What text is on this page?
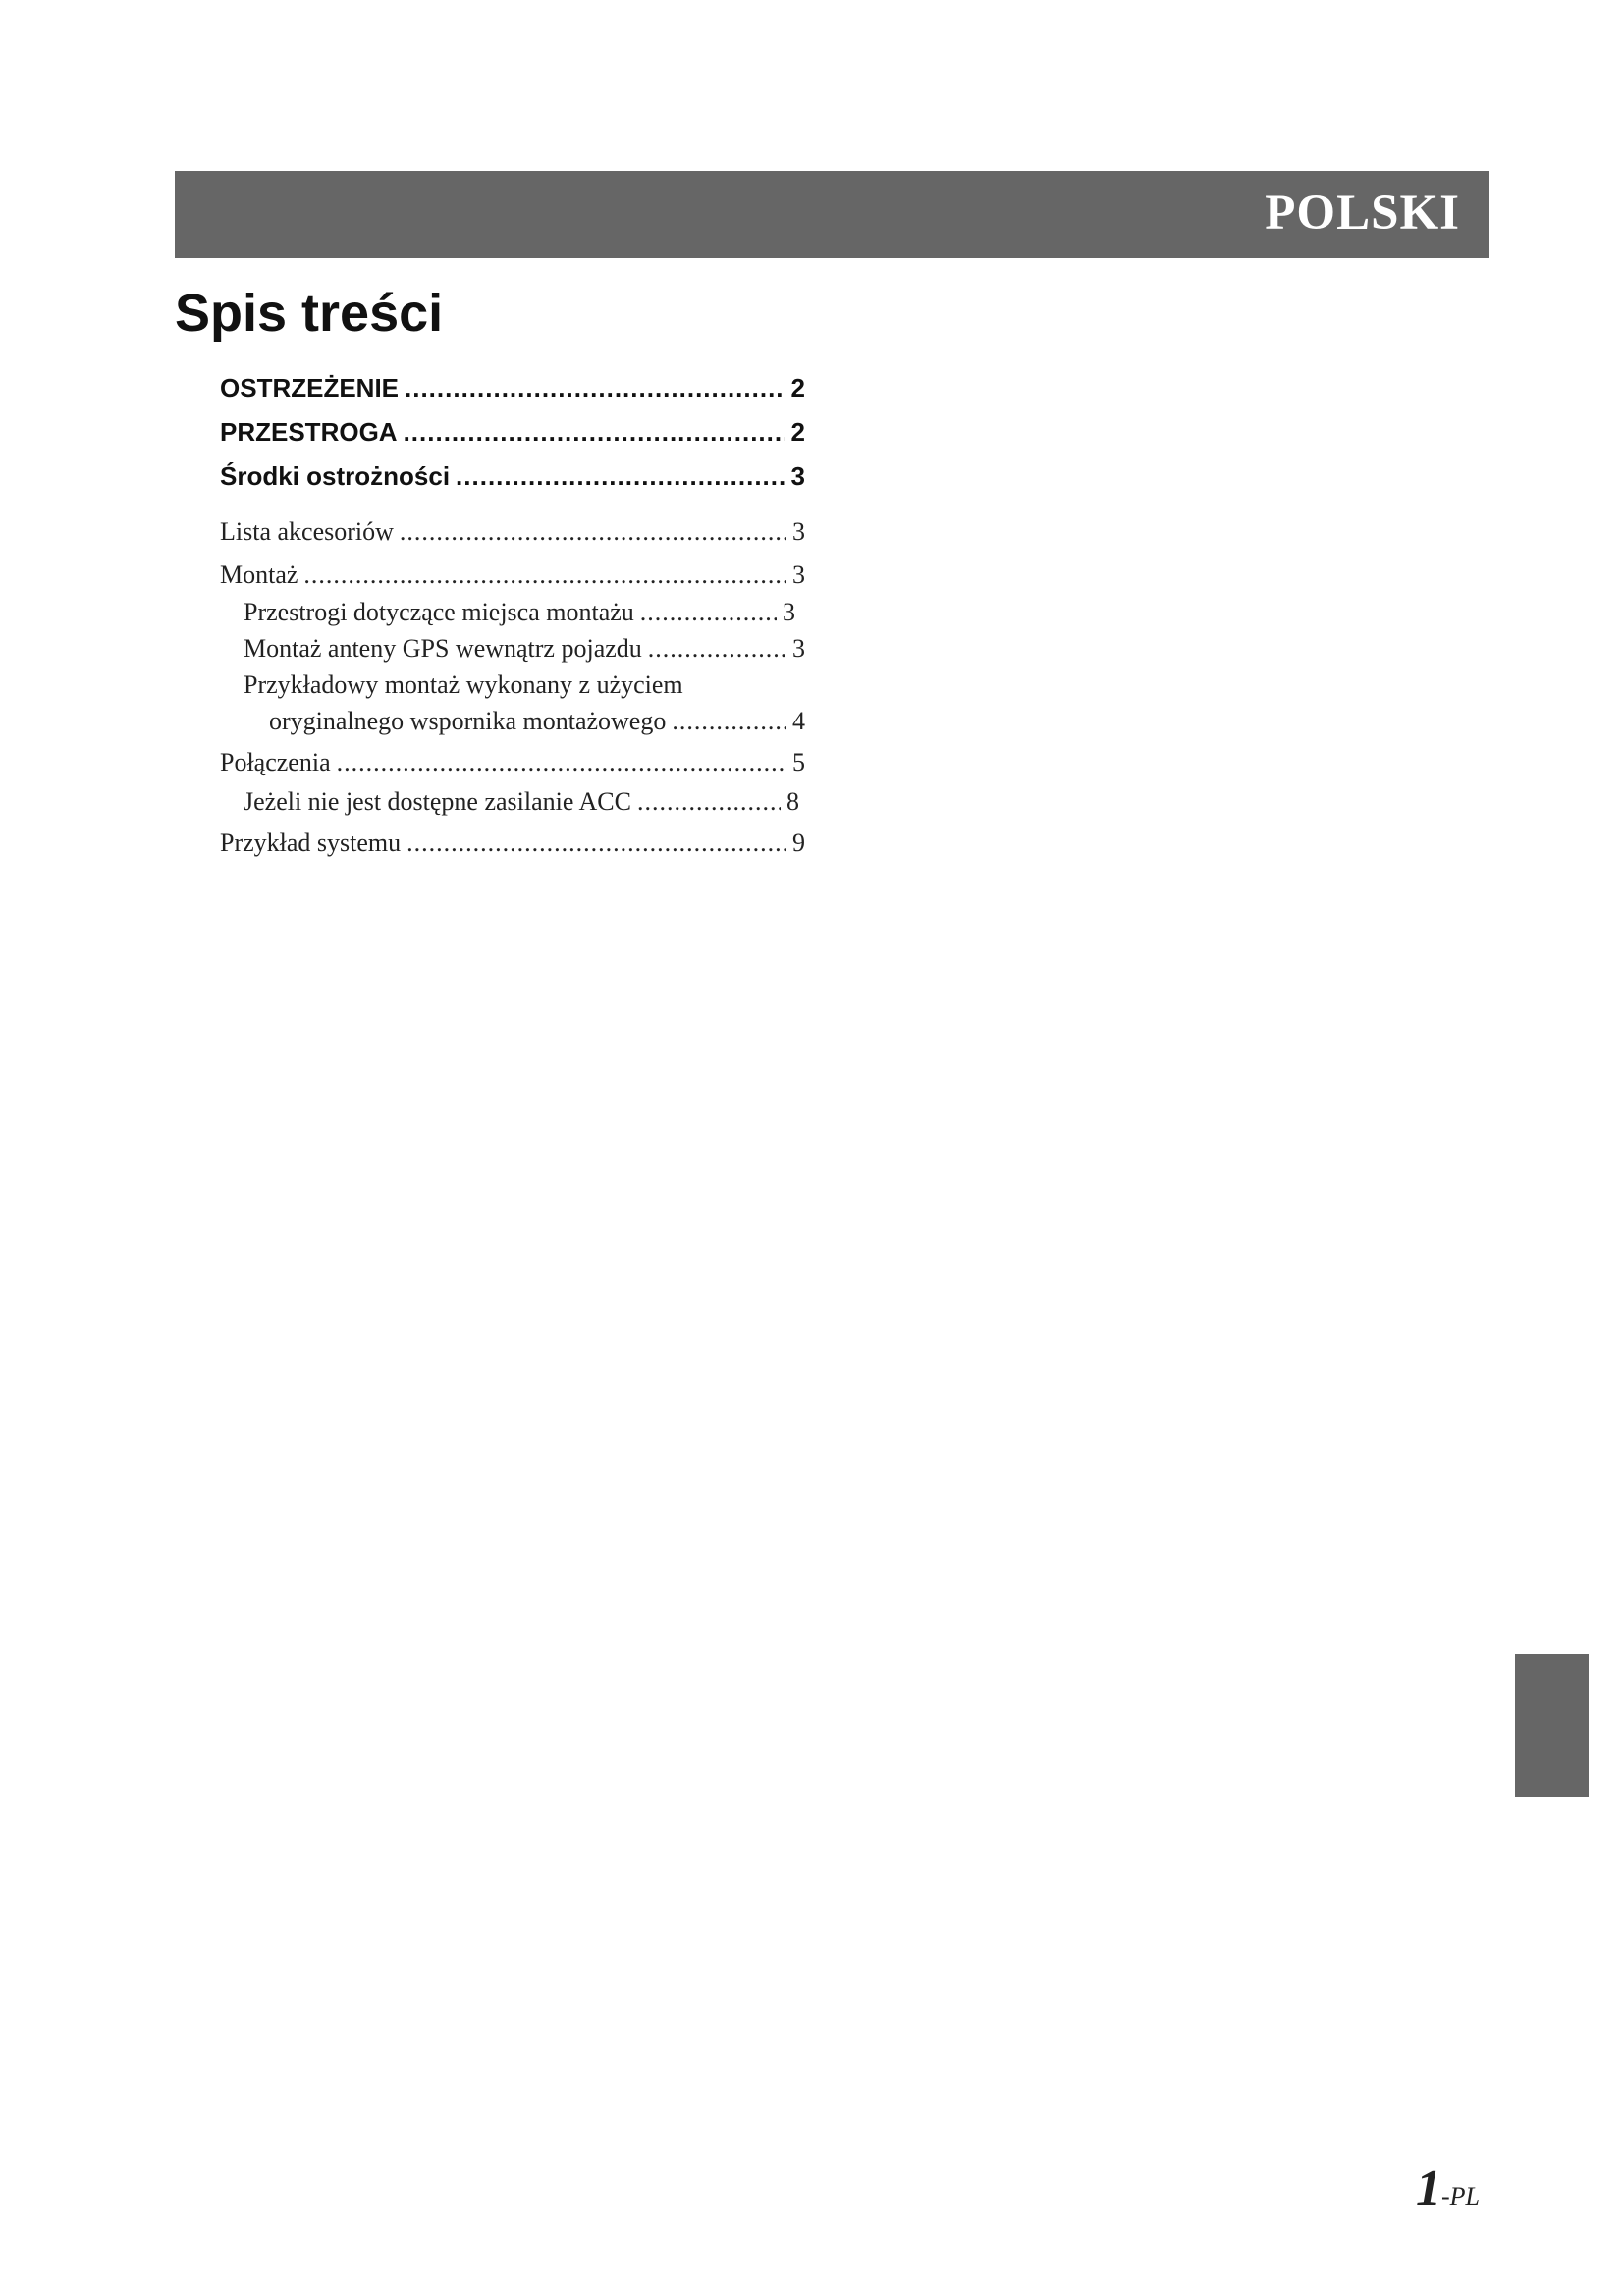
POLSKI
Spis treści
OSTRZEŻENIE .....	2
PRZESTROGA .....	2
Środki ostrożności .....	3
Lista akcesoriów .....	3
Montaż .....	3
Przestrogi dotyczące miejsca montażu .....	3
Montaż anteny GPS wewnątrz pojazdu .....	3
Przykładowy montaż wykonany z użyciem
oryginalnego wspornika montażowego .....	4
Połączenia .....	5
Jeżeli nie jest dostępne zasilanie ACC .....	8
Przykład systemu .....	9
1-PL
